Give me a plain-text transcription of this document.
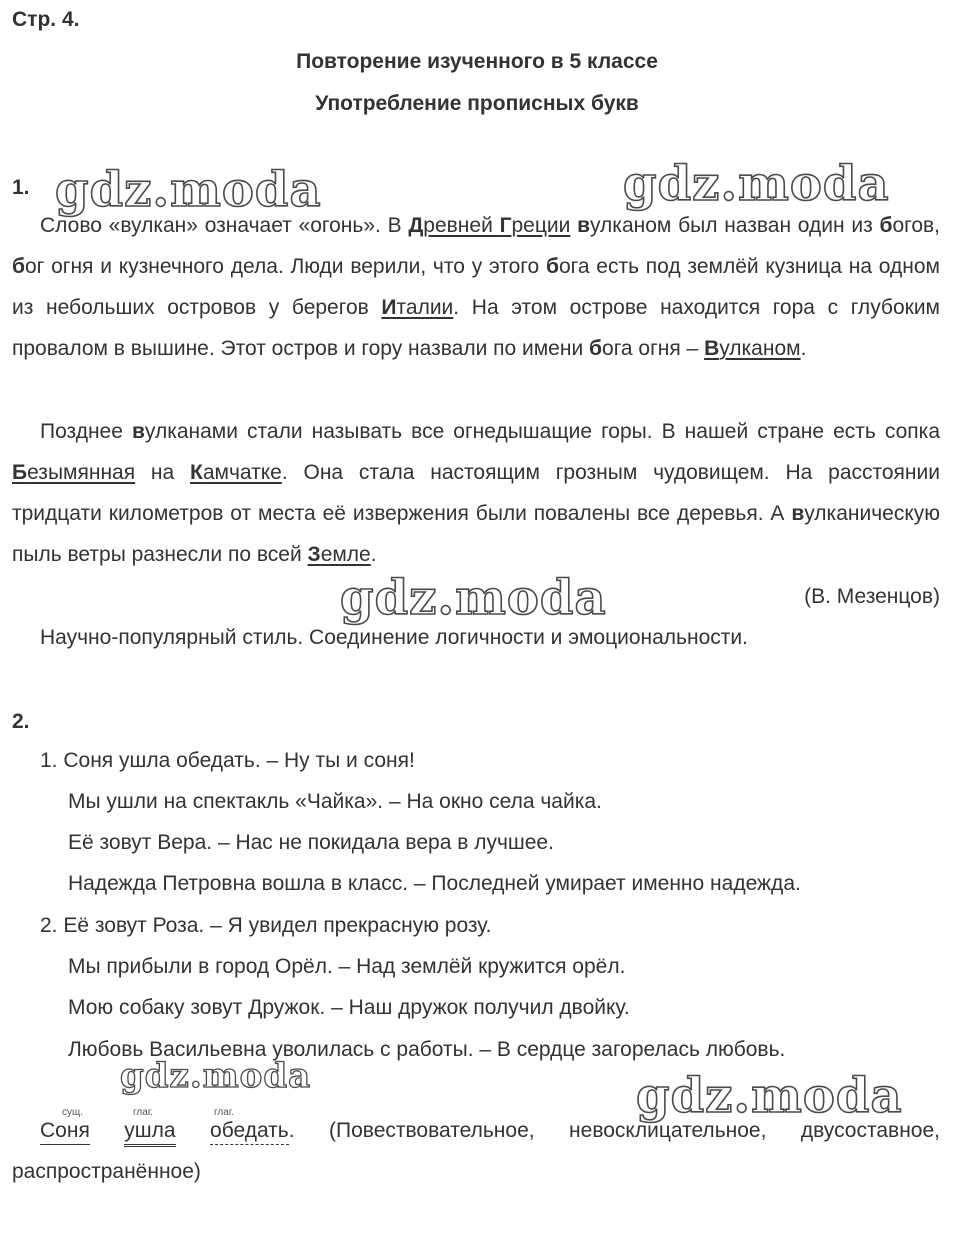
Стр. 4.
Повторение изученного в 5 классе
Употребление прописных букв
gdz.moda	gdz.moda
gdz.moda
gdz.moda	gdz.moda
1.

Слово «вулкан» означает «огонь». В Древней Греции вулканом был назван один из богов, бог огня и кузнечного дела. Люди верили, что у этого бога есть под землёй кузница на одном из небольших островов у берегов Италии. На этом острове находится гора с глубоким провалом в вышине. Этот остров и гору назвали по имени бога огня – Вулканом.

Позднее вулканами стали называть все огнедышащие горы. В нашей стране есть сопка Безымянная на Камчатке. Она стала настоящим грозным чудовищем. На расстоянии тридцати километров от места её извержения были повалены все деревья. А вулканическую пыль ветры разнесли по всей Земле.

(В. Мезенцов)
Научно-популярный стиль. Соединение логичности и эмоциональности.
2.
1. Соня ушла обедать. – Ну ты и соня!
Мы ушли на спектакль «Чайка». – На окно села чайка.
Её зовут Вера. – Нас не покидала вера в лучшее.
Надежда Петровна вошла в класс. – Последней умирает именно надежда.
2. Её зовут Роза. – Я увидел прекрасную розу.
Мы прибыли в город Орёл. – Над землёй кружится орёл.
Мою собаку зовут Дружок. – Наш дружок получил двойку.
Любовь Васильевна уволилась с работы. – В сердце загорелась любовь.
сущ.	глаг.	глаг.

Соня ушла обедать. (Повествовательное, невосклицательное, двусоставное, распространённое)
